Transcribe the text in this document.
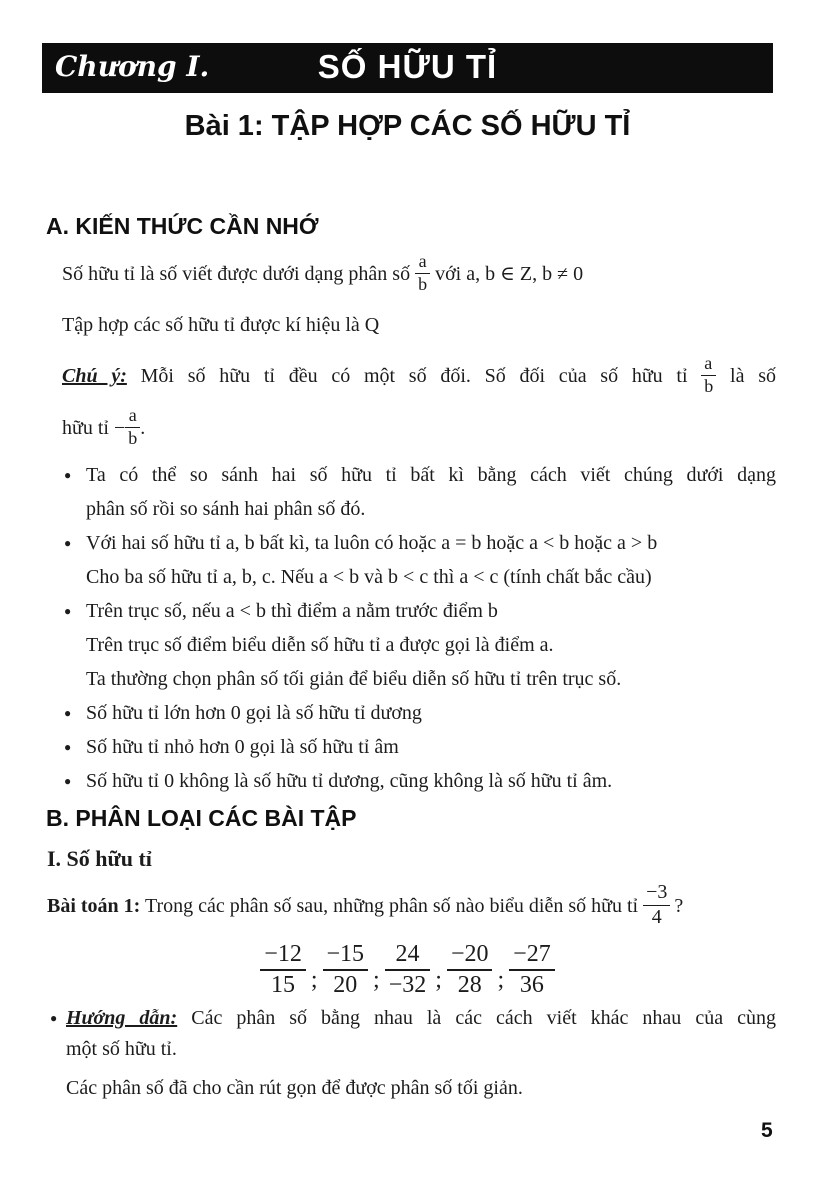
Chương I.	SỐ HỮU TỈ
Bài 1: TẬP HỢP CÁC SỐ HỮU TỈ
A. KIẾN THỨC CẦN NHỚ
Số hữu tỉ là số viết được dưới dạng phân số $\frac{a}{b}$ với a, b ∈ Z, b ≠ 0
Tập hợp các số hữu tỉ được kí hiệu là Q
Chú ý: Mỗi số hữu tỉ đều có một số đối. Số đối của số hữu tỉ $\frac{a}{b}$ là số
hữu tỉ − $\frac{a}{b}$ .
● Ta có thể so sánh hai số hữu tỉ bất kì bằng cách viết chúng dưới dạng
phân số rồi so sánh hai phân số đó.
● Với hai số hữu tỉ a, b bất kì, ta luôn có hoặc a = b hoặc a < b hoặc a > b
Cho ba số hữu tỉ a, b, c. Nếu a < b và b < c thì a < c (tính chất bắc cầu)
● Trên trục số, nếu a < b thì điểm a nằm trước điểm b
Trên trục số điểm biểu diễn số hữu tỉ a được gọi là điểm a.
Ta thường chọn phân số tối giản để biểu diễn số hữu tỉ trên trục số.
● Số hữu tỉ lớn hơn 0 gọi là số hữu tỉ dương
● Số hữu tỉ nhỏ hơn 0 gọi là số hữu tỉ âm
● Số hữu tỉ 0 không là số hữu tỉ dương, cũng không là số hữu tỉ âm.
B. PHÂN LOẠI CÁC BÀI TẬP
I. Số hữu tỉ
Bài toán 1: Trong các phân số sau, những phân số nào biểu diễn số hữu tỉ $\frac{-3}{4}$ ?
$\frac{-12}{15}$ ; $\frac{-15}{20}$ ; $\frac{24}{-32}$ ; $\frac{-20}{28}$ ; $\frac{-27}{36}$
● Hướng dẫn: Các phân số bằng nhau là các cách viết khác nhau của cùng
một số hữu tỉ.
Các phân số đã cho cần rút gọn để được phân số tối giản.
5
